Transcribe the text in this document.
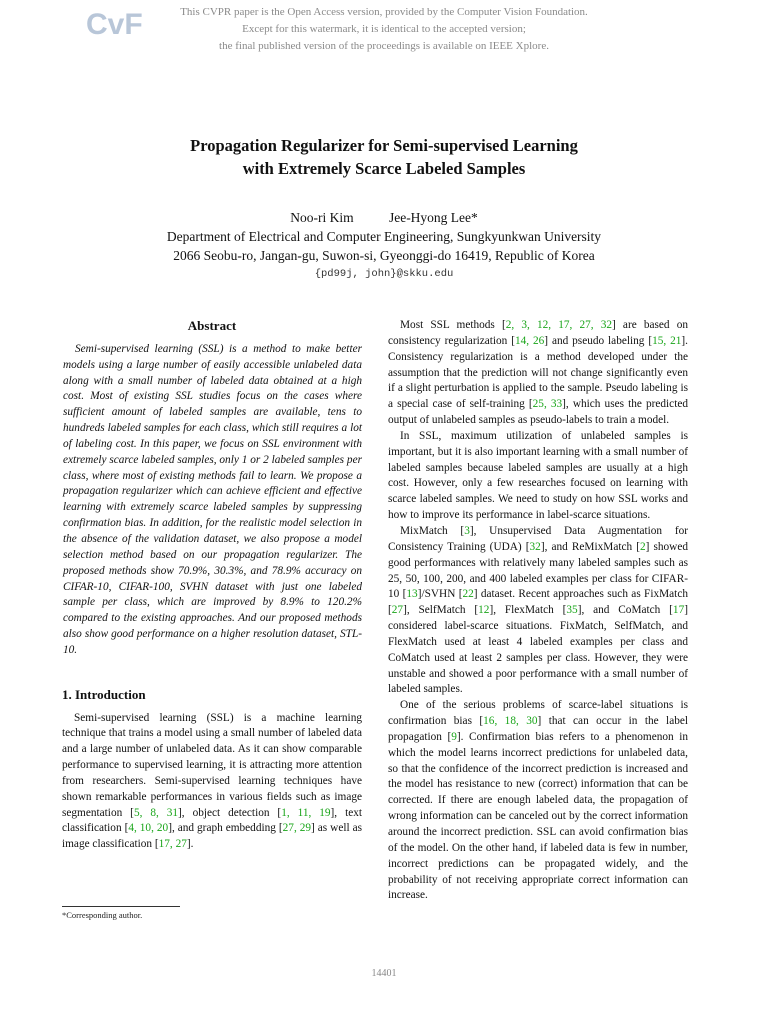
CvF	This CVPR paper is the Open Access version, provided by the Computer Vision Foundation.
Except for this watermark, it is identical to the accepted version;
the final published version of the proceedings is available on IEEE Xplore.
Propagation Regularizer for Semi-supervised Learning
with Extremely Scarce Labeled Samples
Noo-ri Kim	Jee-Hyong Lee*
Department of Electrical and Computer Engineering, Sungkyunkwan University
2066 Seobu-ro, Jangan-gu, Suwon-si, Gyeonggi-do 16419, Republic of Korea
{pd99j, john}@skku.edu
Abstract

Semi-supervised learning (SSL) is a method to make better models using a large number of easily accessible unlabeled data along with a small number of labeled data obtained at a high cost. Most of existing SSL studies focus on the cases where sufficient amount of labeled samples are available, tens to hundreds labeled samples for each class, which still requires a lot of labeling cost. In this paper, we focus on SSL environment with extremely scarce labeled samples, only 1 or 2 labeled samples per class, where most of existing methods fail to learn. We propose a propagation regularizer which can achieve efficient and effective learning with extremely scarce labeled samples by suppressing confirmation bias. In addition, for the realistic model selection in the absence of the validation dataset, we also propose a model selection method based on our propagation regularizer. The proposed methods show 70.9%, 30.3%, and 78.9% accuracy on CIFAR-10, CIFAR-100, SVHN dataset with just one labeled sample per class, which are improved by 8.9% to 120.2% compared to the existing approaches. And our proposed methods also show good performance on a higher resolution dataset, STL-10.

1. Introduction

Semi-supervised learning (SSL) is a machine learning technique that trains a model using a small number of labeled data and a large number of unlabeled data. As it can show comparable performance to supervised learning, it is attracting more attention from researchers. Semi-supervised learning techniques have shown remarkable performances in various fields such as image segmentation [5, 8, 31], object detection [1, 11, 19], text classification [4, 10, 20], and graph embedding [27, 29] as well as image classification [17, 27].

Most SSL methods [2, 3, 12, 17, 27, 32] are based on consistency regularization [14, 26] and pseudo labeling [15, 21]. Consistency regularization is a method developed under the assumption that the prediction will not change significantly even if a slight perturbation is applied to the sample. Pseudo labeling is a special case of self-training [25, 33], which uses the predicted output of unlabeled samples as pseudo-labels to train a model.

In SSL, maximum utilization of unlabeled samples is important, but it is also important learning with a small number of labeled samples because labeled samples are usually at a high cost. However, only a few researches focused on learning with scarce labeled samples. We need to study on how SSL works and how to improve its performance in label-scarce situations.

MixMatch [3], Unsupervised Data Augmentation for Consistency Training (UDA) [32], and ReMixMatch [2] showed good performances with relatively many labeled samples such as 25, 50, 100, 200, and 400 labeled examples per class for CIFAR-10 [13]/SVHN [22] dataset. Recent approaches such as FixMatch [27], SelfMatch [12], FlexMatch [35], and CoMatch [17] considered label-scarce situations. FixMatch, SelfMatch, and FlexMatch used at least 4 labeled examples per class and CoMatch used at least 2 samples per class. However, they were unstable and showed a poor performance with a small number of labeled samples.

One of the serious problems of scarce-label situations is confirmation bias [16, 18, 30] that can occur in the label propagation [9]. Confirmation bias refers to a phenomenon in which the model learns incorrect predictions for unlabeled data, so that the confidence of the incorrect prediction is increased and the model has resistance to new (correct) information that can be corrected. If there are enough labeled data, the propagation of wrong information can be canceled out by the correct information around the incorrect prediction. SSL can avoid confirmation bias of the model. On the other hand, if labeled data is few in number, incorrect predictions can be propagated widely, and the probability of not receiving appropriate correct information can increase.

*Corresponding author.
14401
